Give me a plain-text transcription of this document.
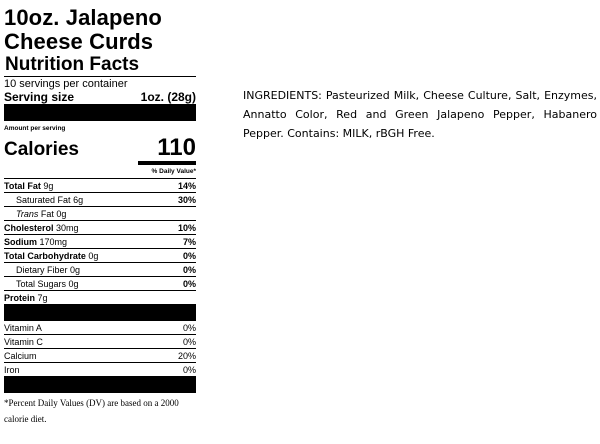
10oz. Jalapeno
Cheese Curds
Nutrition Facts
10 servings per container
Serving size	1oz. (28g)
Amount per serving
Calories	110
% Daily Value*
Total Fat 9g	14%
Saturated Fat 6g	30%
Trans Fat 0g
Cholesterol 30mg	10%
Sodium 170mg	7%
Total Carbohydrate 0g	0%
Dietary Fiber 0g	0%
Total Sugars 0g	0%
Protein 7g
Vitamin A	0%
Vitamin C	0%
Calcium	20%
Iron	0%
*Percent Daily Values (DV) are based on a 2000 calorie diet.
INGREDIENTS: Pasteurized Milk, Cheese Culture, Salt, Enzymes, Annatto Color, Red and Green Jalapeno Pepper, Habanero Pepper. Contains: MILK, rBGH Free.
